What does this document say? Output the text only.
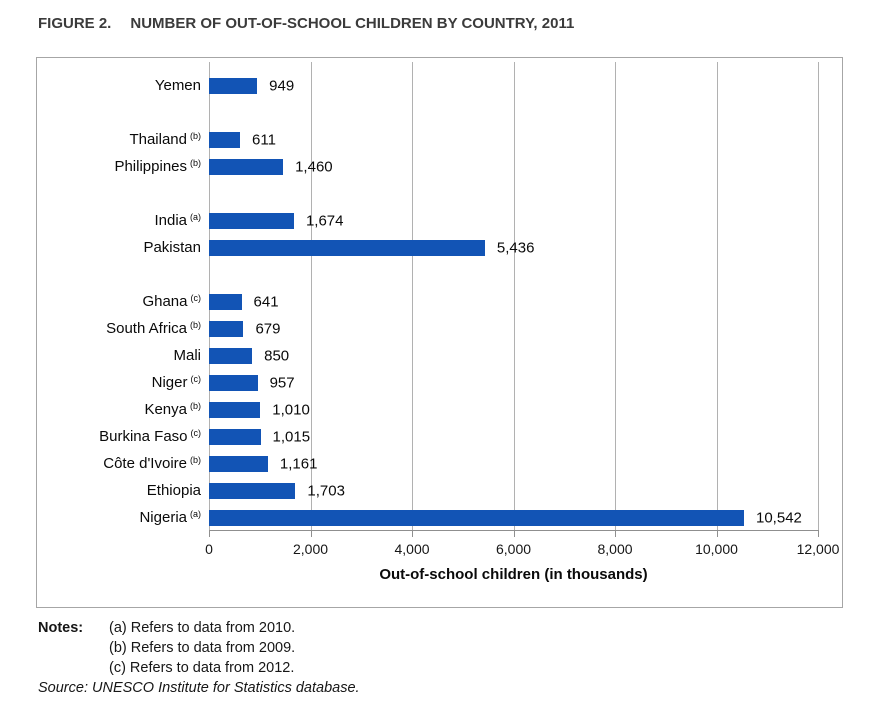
FIGURE 2. NUMBER OF OUT-OF-SCHOOL CHILDREN BY COUNTRY, 2011
Yemen	949
Thailand $^{(b)}$	611
Philippines $^{(b)}$	1,460
India $^{(a)}$	1,674
Pakistan	5,436
Ghana $^{(c)}$	641
South Africa $^{(b)}$	679
Mali	850
Niger $^{(c)}$	957
Kenya $^{(b)}$	1,010
Burkina Faso $^{(c)}$	1,015
Côte d'Ivoire $^{(b)}$	1,161
Ethiopia	1,703
Nigeria $^{(a)}$	10,542
0	2,000	4,000	6,000	8,000	10,000	12,000
Out-of-school children (in thousands)
Notes:	(a) Refers to data from 2010.
(b) Refers to data from 2009.
(c) Refers to data from 2012.
Source: UNESCO Institute for Statistics database.
